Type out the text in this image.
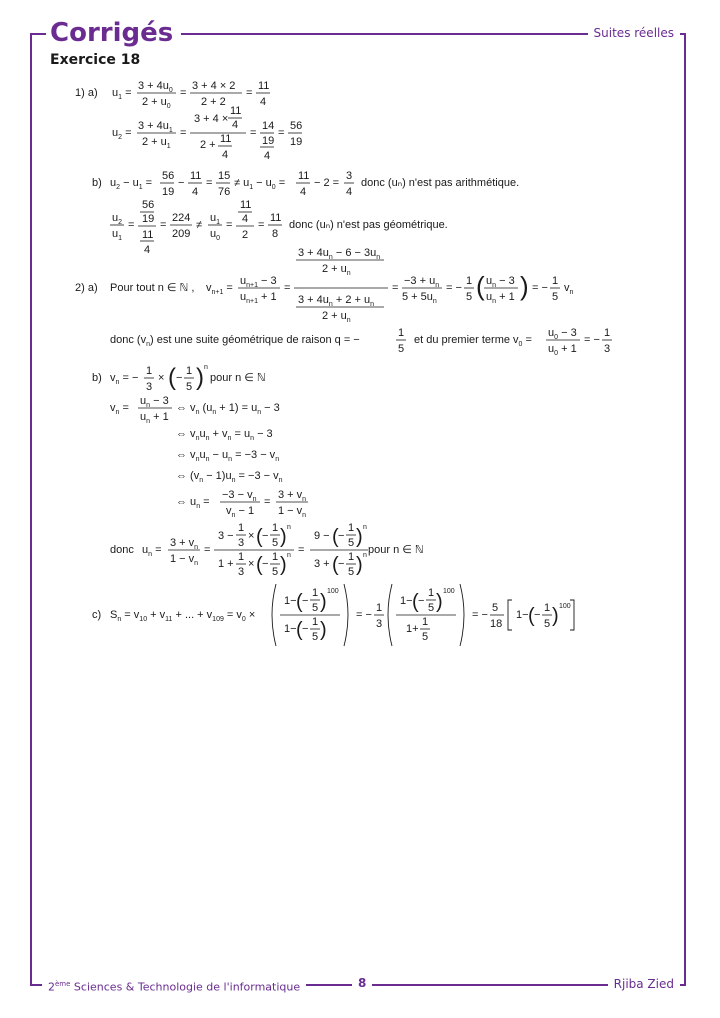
Corrigés	Suites réelles
Exercice 18
2ème Sciences & Technologie de l'informatique	8	Rjiba Zied
1) a) $u_1$ =
$3 + 4u_0$
$2 + u_0$
=
3 + 4 × 2
2 + 2
=
11
4
$u_2$ =
$3 + 4u_1$
$2 + u_1$
=
3 + 4 ×
11
4
2 + 11
4
=
14
19
4
=
56
19
b) $u_2 - u_1$ =
56
19
−
11
4
=
15
76
≠ $u_1 - u_0$ =
11
4
− 2 =
3
4
donc (uₙ) n'est pas arithmétique.
$u_2$
$u_1$
=
56
19
11
4
=
224
209
≠
$u_1$
$u_0$
=
11
4
2
=
11
8
donc (uₙ) n'est pas géométrique.
2) a) Pour tout n ∈ ℕ , $v_{n+1}$ =
$u_{n+1} - 3$
$u_{n+1} + 1$
=
$3 + 4u_n - 6 - 3u_n$
$2 + u_n$
$3 + 4u_n + 2 + u_n$
$2 + u_n$
=
$-3 + u_n$
$5 + 5u_n$
= −
1
5 ( $u_n - 3$
$u_n + 1$ ) = −
1
5
$v_n$
donc $(v_n)$ est une suite géométrique de raison q = −
1
5
et du premier terme $v_0$ =
$u_0 - 3$
$u_0 + 1$
= −
1
3
b) $v_n$ = −
1
3
× ( −
1
5 ) n
pour n ∈ ℕ
$v_n$ =
$u_n - 3$
$u_n + 1$
⇔ $v_n$ $(u_n + 1) = u_n - 3$
⇔ $v_nu_n + v_n = u_n - 3$
⇔ $v_nu_n - u_n = -3 - v_n$
⇔ $(v_n - 1)u_n = -3 - v_n$
⇔ $u_n$ =
$-3 - v_n$
$v_n - 1$
=
$3 + v_n$
$1 - v_n$
donc $u_n$ =
$3 + v_n$
$1 - v_n$
=
3 −
1
3
× ( −
1
5 ) n
1 +
1
3
× ( −
1
5 ) n =
9 − ( −
1
5 ) n
3 + ( −
1
5 ) n pour n ∈ ℕ
c) $S_n = v_{10} + v_{11}$ + ... + $v_{109} = v_0$ ×
1− ( −
1
5 ) 100
1− ( −
1
5 )
= −
1
3
1− ( −
1
5 ) 100
1+
1
5
= −
5
18
1− ( −
1
5 ) 100
